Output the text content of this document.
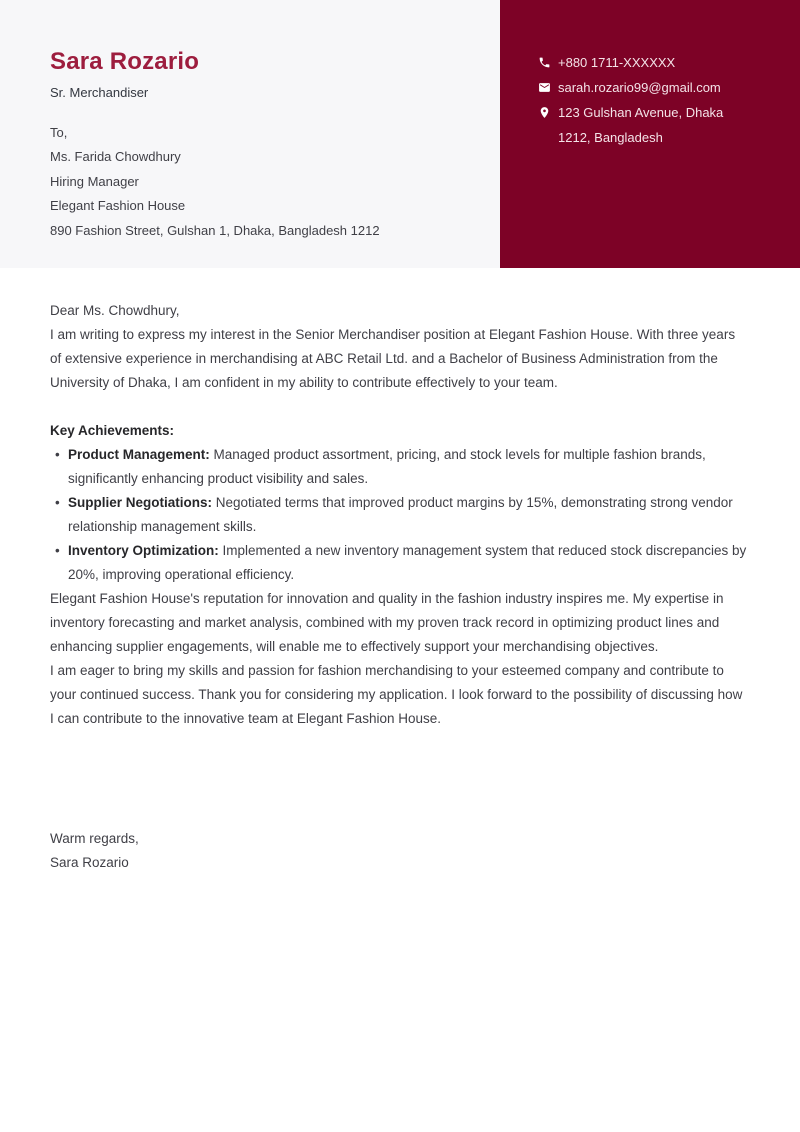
Sara Rozario
Sr. Merchandiser

To,

Ms. Farida Chowdhury

Hiring Manager

Elegant Fashion House

890 Fashion Street, Gulshan 1, Dhaka, Bangladesh 1212

+880 1711-XXXXXX
sarah.rozario99@gmail.com
123 Gulshan Avenue, Dhaka
1212, Bangladesh

Dear Ms. Chowdhury,

I am writing to express my interest in the Senior Merchandiser position at Elegant Fashion House. With three years of extensive experience in merchandising at ABC Retail Ltd. and a Bachelor of Business Administration from the University of Dhaka, I am confident in my ability to contribute effectively to your team.

Key Achievements:

• Product Management: Managed product assortment, pricing, and stock levels for multiple fashion brands, significantly enhancing product visibility and sales.
• Supplier Negotiations: Negotiated terms that improved product margins by 15%, demonstrating strong vendor relationship management skills.
• Inventory Optimization: Implemented a new inventory management system that reduced stock discrepancies by 20%, improving operational efficiency.

Elegant Fashion House's reputation for innovation and quality in the fashion industry inspires me. My expertise in inventory forecasting and market analysis, combined with my proven track record in optimizing product lines and enhancing supplier engagements, will enable me to effectively support your merchandising objectives.

I am eager to bring my skills and passion for fashion merchandising to your esteemed company and contribute to your continued success. Thank you for considering my application. I look forward to the possibility of discussing how I can contribute to the innovative team at Elegant Fashion House.

Warm regards,

Sara Rozario
